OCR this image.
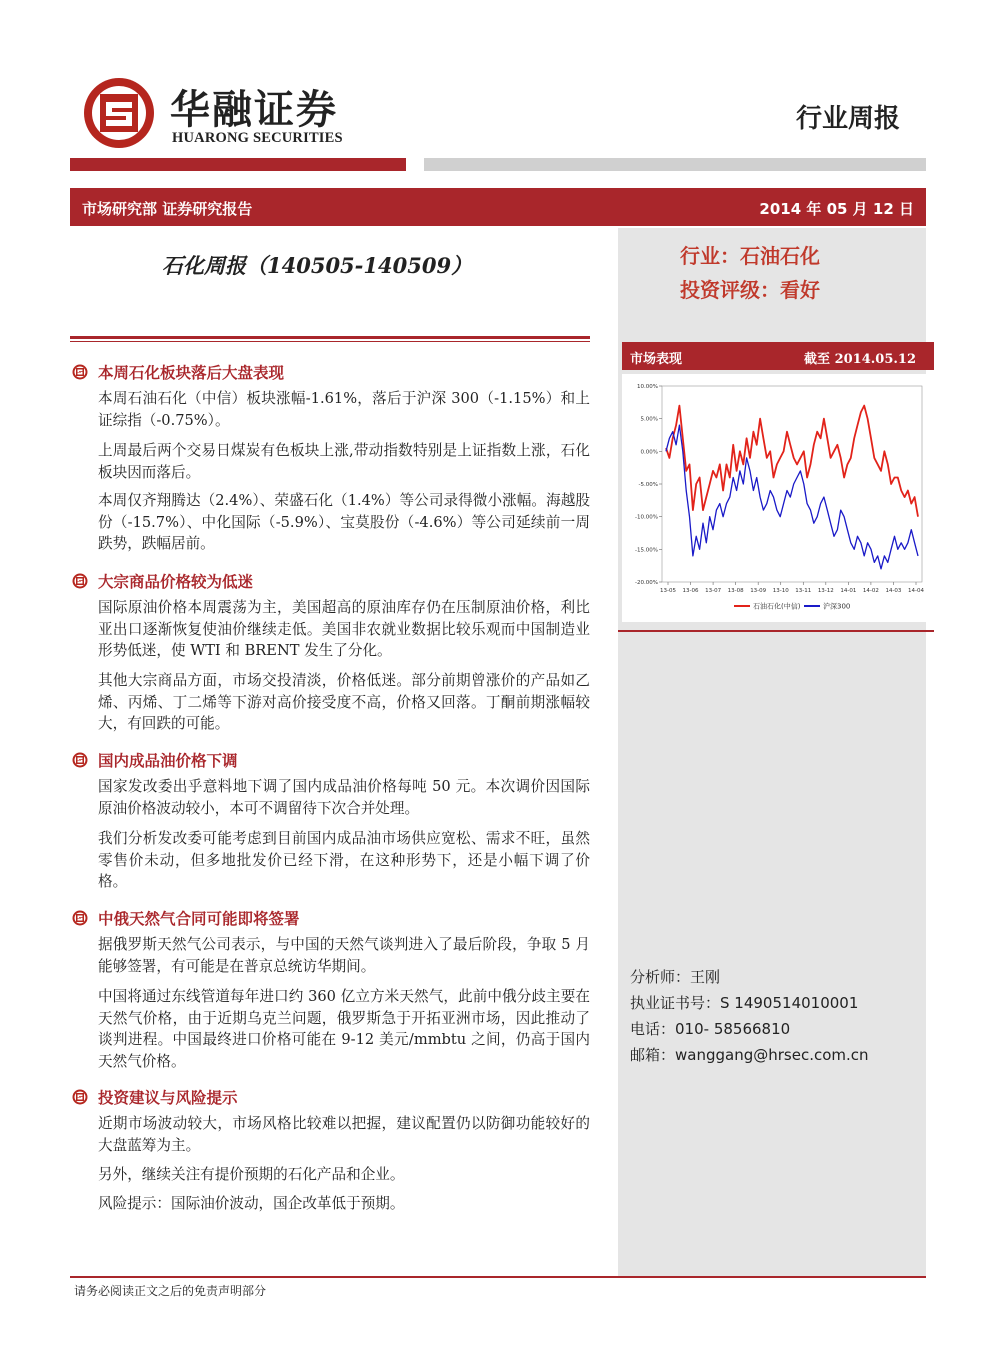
华融证券
HUARONG SECURITIES
行业周报
市场研究部 证券研究报告	2014 年 05 月 12 日
行业：石油石化
投资评级：看好
市场表现	截至 2014.05.12
10.00%
5.00%
0.00%
-5.00%
-10.00%
-15.00%
-20.00%
13-05 13-06 13-07 13-08 13-09 13-10 13-11 13-12 14-01 14-02 14-03 14-04
石油石化(中信)	沪深300
分析师：王刚
执业证书号：S 1490514010001
电话：010- 58566810
邮箱：wanggang@hrsec.com.cn
石化周报（140505-140509）
本周石化板块落后大盘表现
本周石油石化（中信）板块涨幅-1.61%，落后于沪深 300（-1.15%）和上证综指（-0.75%）。
上周最后两个交易日煤炭有色板块上涨,带动指数特别是上证指数上涨，石化板块因而落后。
本周仅齐翔腾达（2.4%）、荣盛石化（1.4%）等公司录得微小涨幅。海越股份（-15.7%）、中化国际（-5.9%）、宝莫股份（-4.6%）等公司延续前一周跌势，跌幅居前。
大宗商品价格较为低迷
国际原油价格本周震荡为主，美国超高的原油库存仍在压制原油价格，利比亚出口逐渐恢复使油价继续走低。美国非农就业数据比较乐观而中国制造业形势低迷，使 WTI 和 BRENT 发生了分化。
其他大宗商品方面，市场交投清淡，价格低迷。部分前期曾涨价的产品如乙烯、丙烯、丁二烯等下游对高价接受度不高，价格又回落。丁酮前期涨幅较大，有回跌的可能。
国内成品油价格下调
国家发改委出乎意料地下调了国内成品油价格每吨 50 元。本次调价因国际原油价格波动较小，本可不调留待下次合并处理。
我们分析发改委可能考虑到目前国内成品油市场供应宽松、需求不旺，虽然零售价未动，但多地批发价已经下滑，在这种形势下，还是小幅下调了价格。
中俄天然气合同可能即将签署
据俄罗斯天然气公司表示，与中国的天然气谈判进入了最后阶段，争取 5 月能够签署，有可能是在普京总统访华期间。
中国将通过东线管道每年进口约 360 亿立方米天然气，此前中俄分歧主要在天然气价格，由于近期乌克兰问题，俄罗斯急于开拓亚洲市场，因此推动了谈判进程。中国最终进口价格可能在 9-12 美元/mmbtu 之间，仍高于国内天然气价格。
投资建议与风险提示
近期市场波动较大，市场风格比较难以把握，建议配置仍以防御功能较好的大盘蓝筹为主。
另外，继续关注有提价预期的石化产品和企业。
风险提示：国际油价波动，国企改革低于预期。
请务必阅读正文之后的免责声明部分
